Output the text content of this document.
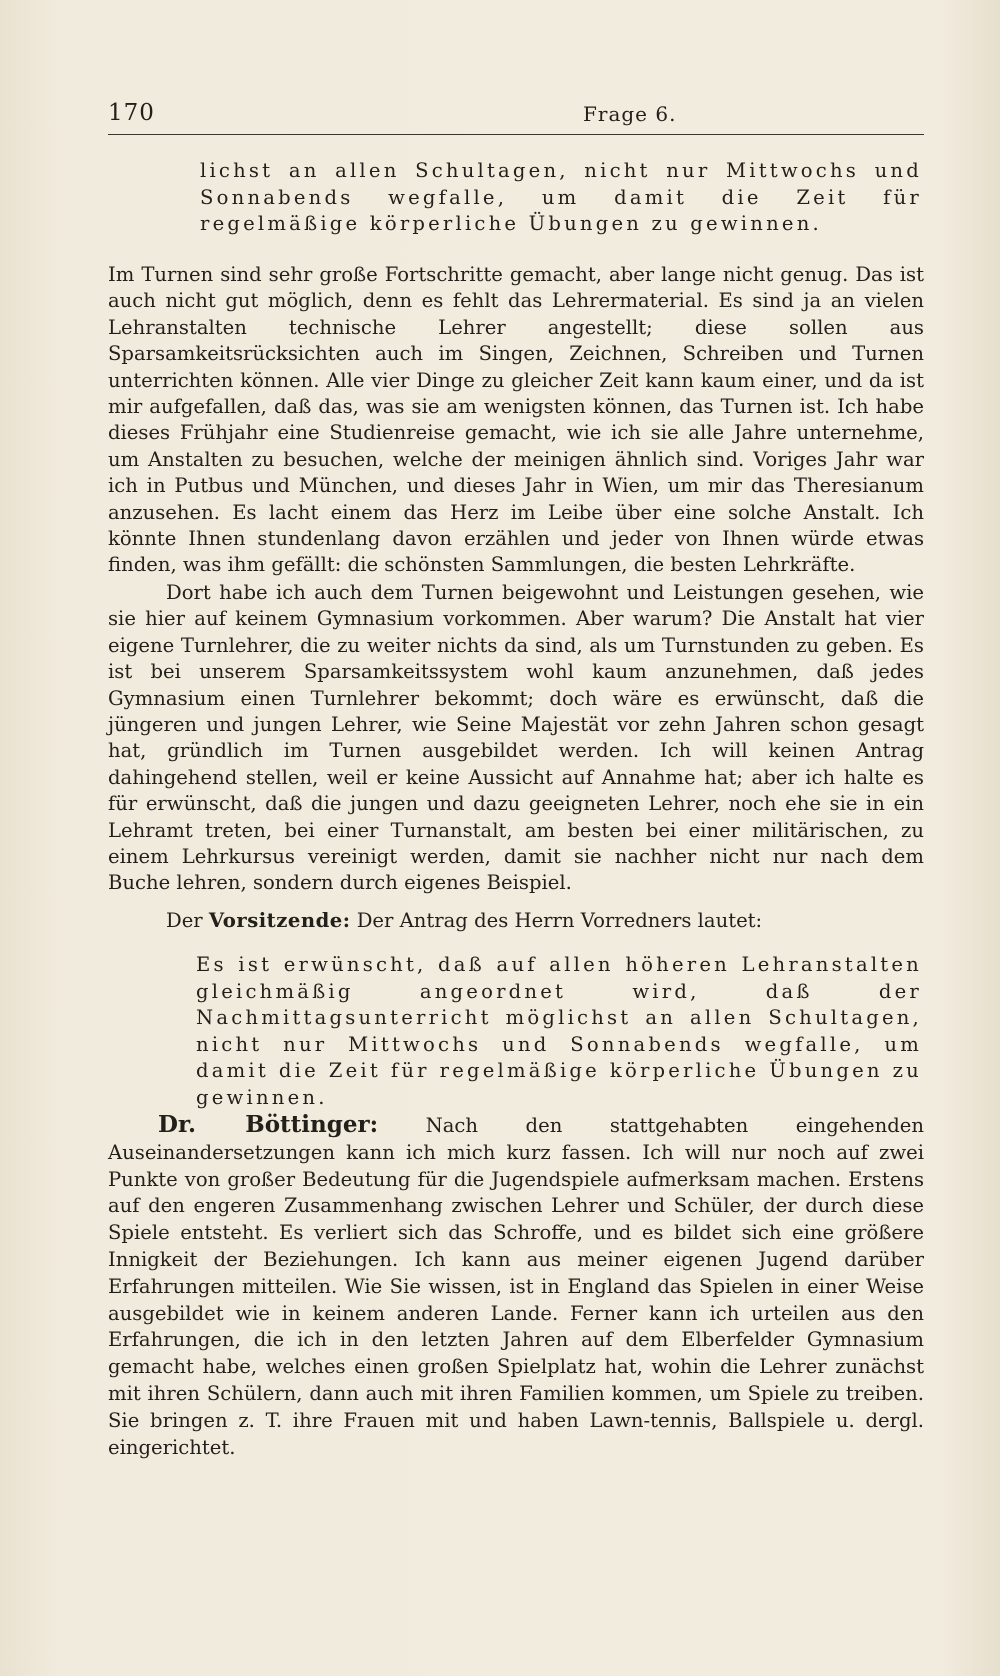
170	Frage 6.

lichst an allen Schultagen, nicht nur Mittwochs und Sonnabends wegfalle, um damit die Zeit für regelmäßige körperliche Übungen zu gewinnen.

Im Turnen sind sehr große Fortschritte gemacht, aber lange nicht genug. Das ist auch nicht gut möglich, denn es fehlt das Lehrermaterial. Es sind ja an vielen Lehranstalten technische Lehrer angestellt; diese sollen aus Sparsamkeitsrücksichten auch im Singen, Zeichnen, Schreiben und Turnen unterrichten können. Alle vier Dinge zu gleicher Zeit kann kaum einer, und da ist mir aufgefallen, daß das, was sie am wenigsten können, das Turnen ist. Ich habe dieses Frühjahr eine Studienreise gemacht, wie ich sie alle Jahre unternehme, um Anstalten zu besuchen, welche der meinigen ähnlich sind. Voriges Jahr war ich in Putbus und München, und dieses Jahr in Wien, um mir das Theresianum anzusehen. Es lacht einem das Herz im Leibe über eine solche Anstalt. Ich könnte Ihnen stundenlang davon erzählen und jeder von Ihnen würde etwas finden, was ihm gefällt: die schönsten Sammlungen, die besten Lehrkräfte.

Dort habe ich auch dem Turnen beigewohnt und Leistungen gesehen, wie sie hier auf keinem Gymnasium vorkommen. Aber warum? Die Anstalt hat vier eigene Turnlehrer, die zu weiter nichts da sind, als um Turnstunden zu geben. Es ist bei unserem Sparsamkeitssystem wohl kaum anzunehmen, daß jedes Gymnasium einen Turnlehrer bekommt; doch wäre es erwünscht, daß die jüngeren und jungen Lehrer, wie Seine Majestät vor zehn Jahren schon gesagt hat, gründlich im Turnen ausgebildet werden. Ich will keinen Antrag dahingehend stellen, weil er keine Aussicht auf Annahme hat; aber ich halte es für erwünscht, daß die jungen und dazu geeigneten Lehrer, noch ehe sie in ein Lehramt treten, bei einer Turnanstalt, am besten bei einer militärischen, zu einem Lehrkursus vereinigt werden, damit sie nachher nicht nur nach dem Buche lehren, sondern durch eigenes Beispiel.

Der Vorsitzende: Der Antrag des Herrn Vorredners lautet:

Es ist erwünscht, daß auf allen höheren Lehranstalten gleichmäßig angeordnet wird, daß der Nachmittagsunterricht möglichst an allen Schultagen, nicht nur Mittwochs und Sonnabends wegfalle, um damit die Zeit für regelmäßige körperliche Übungen zu gewinnen.

Dr. Böttinger: Nach den stattgehabten eingehenden Auseinandersetzungen kann ich mich kurz fassen. Ich will nur noch auf zwei Punkte von großer Bedeutung für die Jugendspiele aufmerksam machen. Erstens auf den engeren Zusammenhang zwischen Lehrer und Schüler, der durch diese Spiele entsteht. Es verliert sich das Schroffe, und es bildet sich eine größere Innigkeit der Beziehungen. Ich kann aus meiner eigenen Jugend darüber Erfahrungen mitteilen. Wie Sie wissen, ist in England das Spielen in einer Weise ausgebildet wie in keinem anderen Lande. Ferner kann ich urteilen aus den Erfahrungen, die ich in den letzten Jahren auf dem Elberfelder Gymnasium gemacht habe, welches einen großen Spielplatz hat, wohin die Lehrer zunächst mit ihren Schülern, dann auch mit ihren Familien kommen, um Spiele zu treiben. Sie bringen z. T. ihre Frauen mit und haben Lawn-tennis, Ballspiele u. dergl. eingerichtet.
